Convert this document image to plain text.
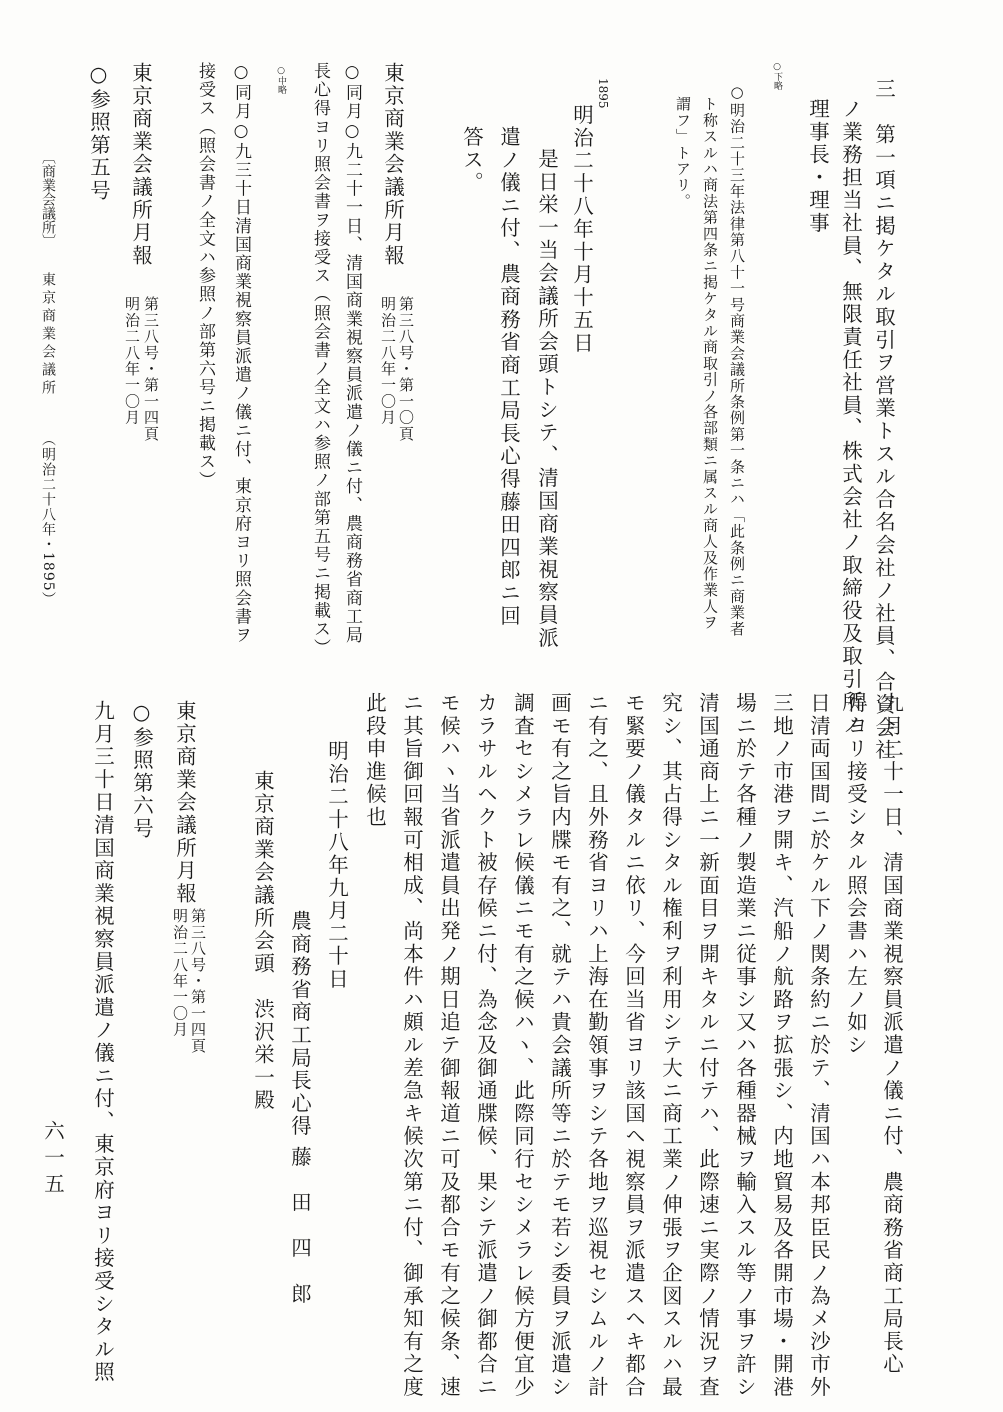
三　第一項ニ掲ケタル取引ヲ営業トスル合名会社ノ社員、合資会社
ノ業務担当社員、無限責任社員、株式会社ノ取締役及取引所ノ
理事長・理事
○下略
○明治二十三年法律第八十一号商業会議所条例第一条ニハ「此条例ニ商業者
ト称スルハ商法第四条ニ掲ケタル商取引ノ各部類ニ属スル商人及作業人ヲ
謂フ」トアリ。
1895
明治二十八年十月十五日
是日栄一当会議所会頭トシテ、清国商業視察員派
遣ノ儀ニ付、農商務省商工局長心得藤田四郎ニ回
答ス。
東京商業会議所月報
第三八号・第一〇頁
明治二八年一〇月
○同月○九二十一日、清国商業視察員派遣ノ儀ニ付、農商務省商工局
長心得ヨリ照会書ヲ接受ス（照会書ノ全文ハ参照ノ部第五号ニ掲載ス）
○中略
○同月○九三十日清国商業視察員派遣ノ儀ニ付、東京府ヨリ照会書ヲ
接受ス（照会書ノ全文ハ参照ノ部第六号ニ掲載ス）
東京商業会議所月報
第三八号・第一四頁
明治二八年一〇月
○参照第五号
〔商業会議所〕
東京商業会議所
（明治二十八年・1895）
九月二十一日、清国商業視察員派遣ノ儀ニ付、農商務省商工局長心
得ヨリ接受シタル照会書ハ左ノ如シ
日清両国間ニ於ケル下ノ関条約ニ於テ、清国ハ本邦臣民ノ為メ沙市外
三地ノ市港ヲ開キ、汽船ノ航路ヲ拡張シ、内地貿易及各開市場・開港
場ニ於テ各種ノ製造業ニ従事シ又ハ各種器械ヲ輸入スル等ノ事ヲ許シ
清国通商上ニ一新面目ヲ開キタルニ付テハ、此際速ニ実際ノ情況ヲ査
究シ、其占得シタル権利ヲ利用シテ大ニ商工業ノ伸張ヲ企図スルハ最
モ緊要ノ儀タルニ依リ、今回当省ヨリ該国ヘ視察員ヲ派遣スヘキ都合
ニ有之、且外務省ヨリハ上海在勤領事ヲシテ各地ヲ巡視セシムルノ計
画モ有之旨内牒モ有之、就テハ貴会議所等ニ於テモ若シ委員ヲ派遣シ
調査セシメラレ候儀ニモ有之候ハヽ、此際同行セシメラレ候方便宜少
カラサルヘクト被存候ニ付、為念及御通牒候、果シテ派遣ノ御都合ニ
モ候ハヽ当省派遣員出発ノ期日追テ御報道ニ可及都合モ有之候条、速
ニ其旨御回報可相成、尚本件ハ頗ル差急キ候次第ニ付、御承知有之度
此段申進候也
明治二十八年九月二十日
農商務省商工局長心得
藤　田　四　郎
東京商業会議所会頭　渋沢栄一殿
東京商業会議所月報
第三八号・第一四頁
明治二八年一〇月
○参照第六号
九月三十日清国商業視察員派遣ノ儀ニ付、東京府ヨリ接受シタル照
六一五
